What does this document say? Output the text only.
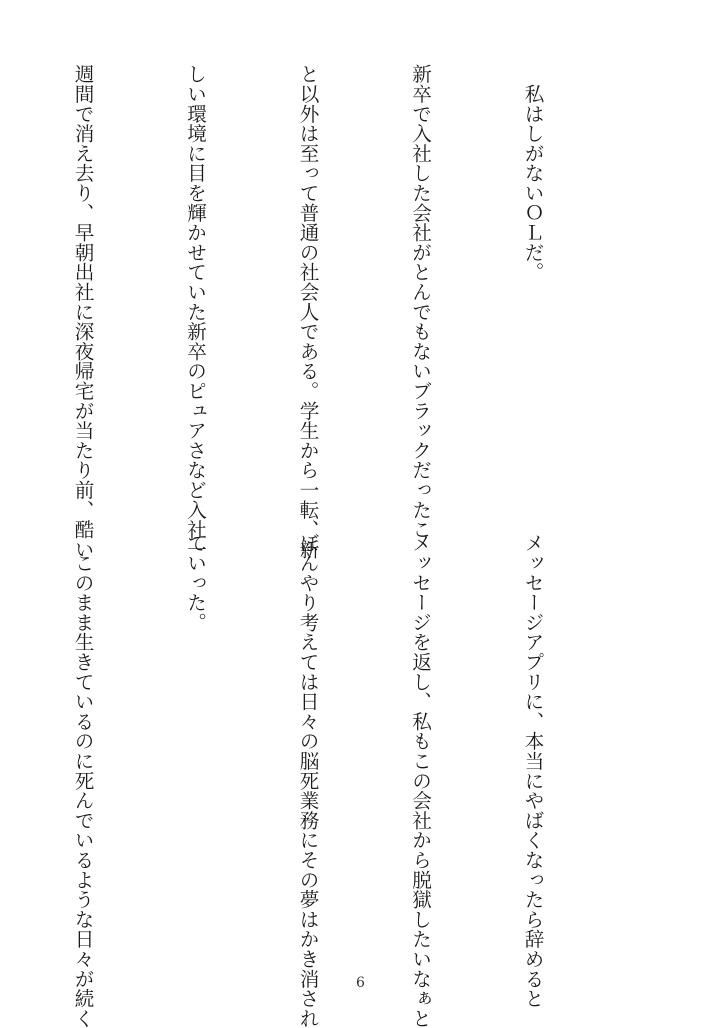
　私はしがないＯＬだ。

新卒で入社した会社がとんでもないブラックだったこ

と以外は至って普通の社会人である。学生から一転、新

しい環境に目を輝かせていた新卒のピュアさなど入社一

週間で消え去り、早朝出社に深夜帰宅が当たり前、酷い

メッセージアプリに、本当にやばくなったら辞めると

メッセージを返し、私もこの会社から脱獄したいなぁと

ぼんやり考えては日々の脳死業務にその夢はかき消され

ていった。

　このまま生きているのに死んでいるような日々が続く

	6
